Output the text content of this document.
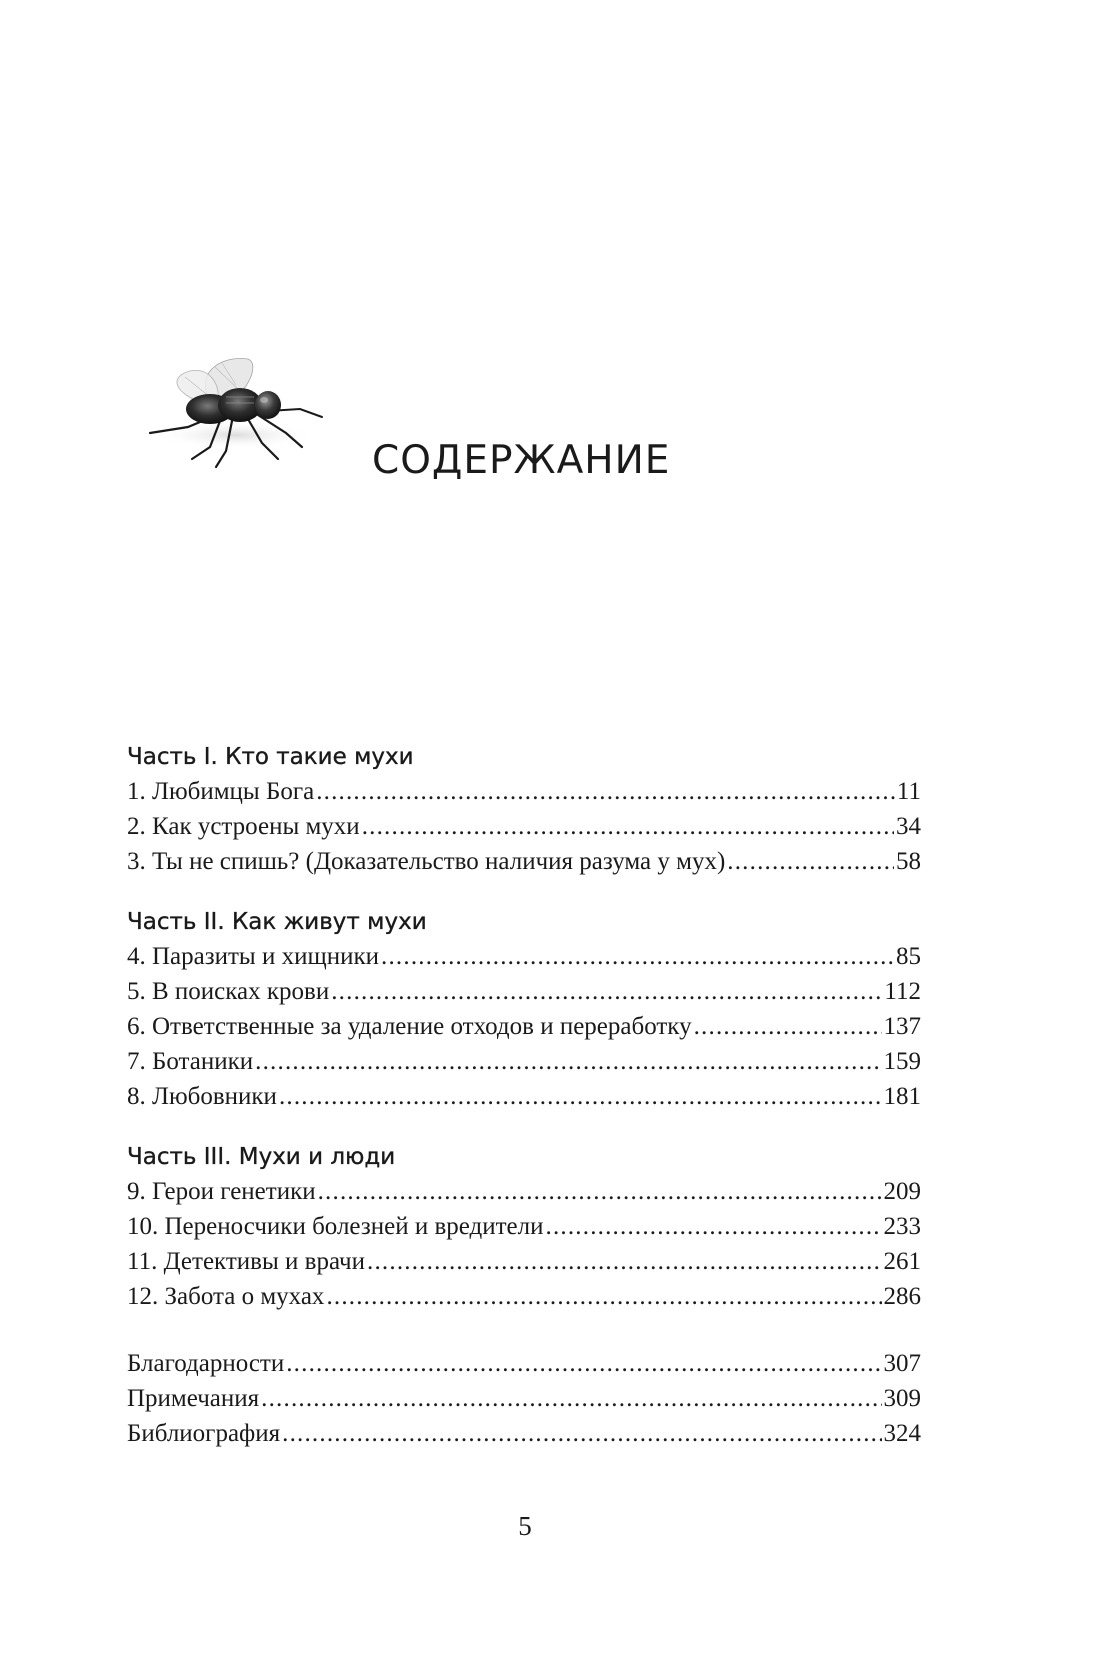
СОДЕРЖАНИЕ
Часть I. Кто такие мухи
1. Любимцы Бога .....	11
2. Как устроены мухи .....	34
3. Ты не спишь? (Доказательство наличия разума у мух) .....	58
Часть II. Как живут мухи
4. Паразиты и хищники .....	85
5. В поисках крови .....	112
6. Ответственные за удаление отходов и переработку .....	137
7. Ботаники .....	159
8. Любовники .....	181
Часть III. Мухи и люди
9. Герои генетики .....	209
10. Переносчики болезней и вредители .....	233
11. Детективы и врачи .....	261
12. Забота о мухах .....	286
Благодарности .....	307
Примечания .....	309
Библиография .....	324
5
